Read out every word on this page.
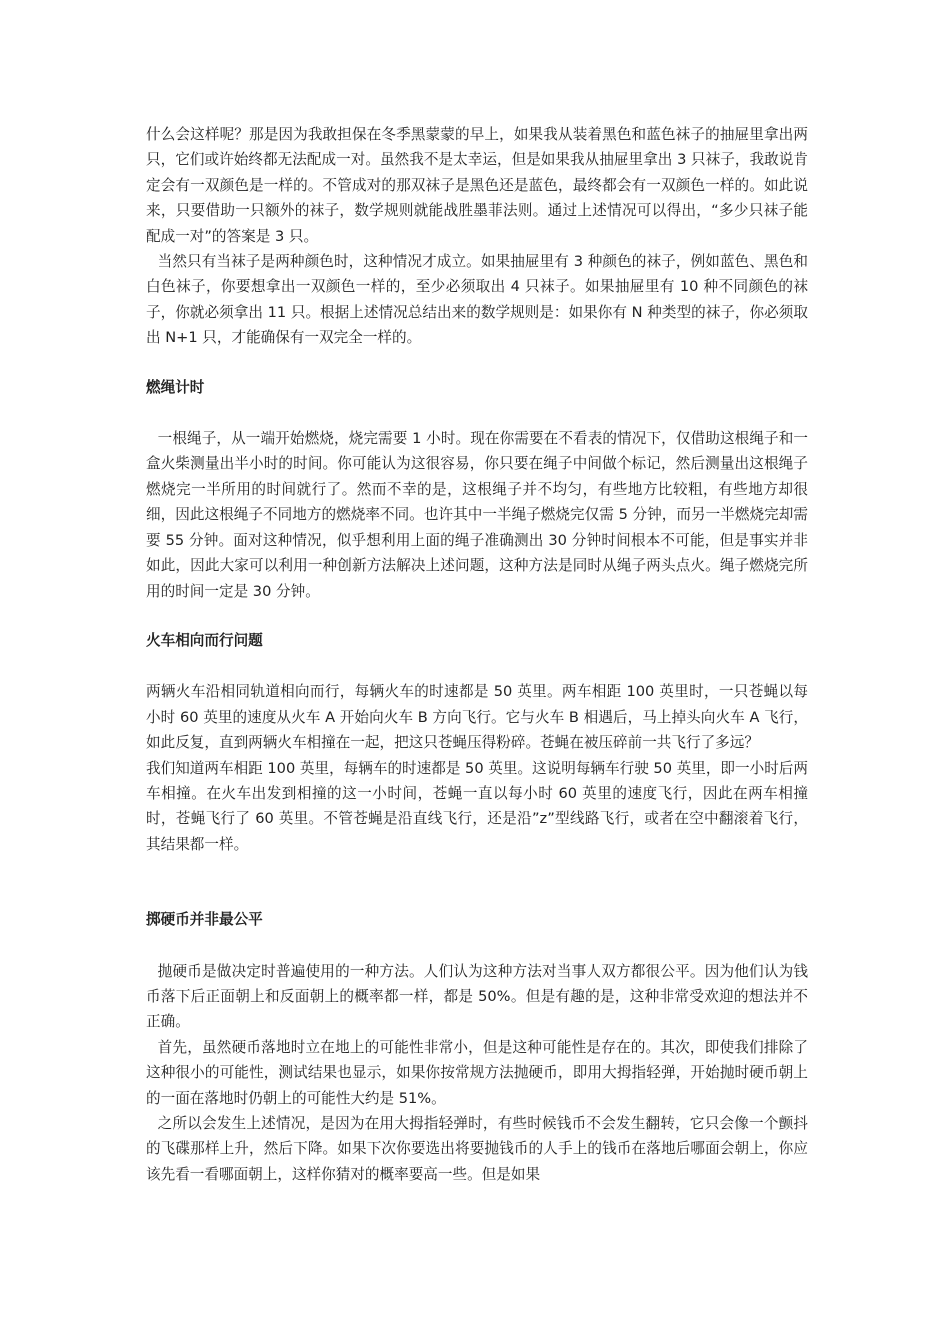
什么会这样呢？那是因为我敢担保在冬季黑蒙蒙的早上，如果我从装着黑色和蓝色袜子的抽屉里拿出两只，它们或许始终都无法配成一对。虽然我不是太幸运，但是如果我从抽屉里拿出 3 只袜子，我敢说肯定会有一双颜色是一样的。不管成对的那双袜子是黑色还是蓝色，最终都会有一双颜色一样的。如此说来，只要借助一只额外的袜子，数学规则就能战胜墨菲法则。通过上述情况可以得出，“多少只袜子能配成一对”的答案是 3 只。

当然只有当袜子是两种颜色时，这种情况才成立。如果抽屉里有 3 种颜色的袜子，例如蓝色、黑色和白色袜子，你要想拿出一双颜色一样的，至少必须取出 4 只袜子。如果抽屉里有 10 种不同颜色的袜子，你就必须拿出 11 只。根据上述情况总结出来的数学规则是：如果你有 N 种类型的袜子，你必须取出 N+1 只，才能确保有一双完全一样的。

燃绳计时

一根绳子，从一端开始燃烧，烧完需要 1 小时。现在你需要在不看表的情况下，仅借助这根绳子和一盒火柴测量出半小时的时间。你可能认为这很容易，你只要在绳子中间做个标记，然后测量出这根绳子燃烧完一半所用的时间就行了。然而不幸的是，这根绳子并不均匀，有些地方比较粗，有些地方却很细，因此这根绳子不同地方的燃烧率不同。也许其中一半绳子燃烧完仅需 5 分钟，而另一半燃烧完却需要 55 分钟。面对这种情况，似乎想利用上面的绳子准确测出 30 分钟时间根本不可能，但是事实并非如此，因此大家可以利用一种创新方法解决上述问题，这种方法是同时从绳子两头点火。绳子燃烧完所用的时间一定是 30 分钟。

火车相向而行问题

两辆火车沿相同轨道相向而行，每辆火车的时速都是 50 英里。两车相距 100 英里时，一只苍蝇以每小时 60 英里的速度从火车 A 开始向火车 B 方向飞行。它与火车 B 相遇后，马上掉头向火车 A 飞行，如此反复，直到两辆火车相撞在一起，把这只苍蝇压得粉碎。苍蝇在被压碎前一共飞行了多远？

我们知道两车相距 100 英里，每辆车的时速都是 50 英里。这说明每辆车行驶 50 英里，即一小时后两车相撞。在火车出发到相撞的这一小时间，苍蝇一直以每小时 60 英里的速度飞行，因此在两车相撞时，苍蝇飞行了 60 英里。不管苍蝇是沿直线飞行，还是沿”z”型线路飞行，或者在空中翻滚着飞行，其结果都一样。

掷硬币并非最公平

抛硬币是做决定时普遍使用的一种方法。人们认为这种方法对当事人双方都很公平。因为他们认为钱币落下后正面朝上和反面朝上的概率都一样，都是 50%。但是有趣的是，这种非常受欢迎的想法并不正确。

首先，虽然硬币落地时立在地上的可能性非常小，但是这种可能性是存在的。其次，即使我们排除了这种很小的可能性，测试结果也显示，如果你按常规方法抛硬币，即用大拇指轻弹，开始抛时硬币朝上的一面在落地时仍朝上的可能性大约是 51%。

之所以会发生上述情况，是因为在用大拇指轻弹时，有些时候钱币不会发生翻转，它只会像一个颤抖的飞碟那样上升，然后下降。如果下次你要选出将要抛钱币的人手上的钱币在落地后哪面会朝上，你应该先看一看哪面朝上，这样你猜对的概率要高一些。但是如果
